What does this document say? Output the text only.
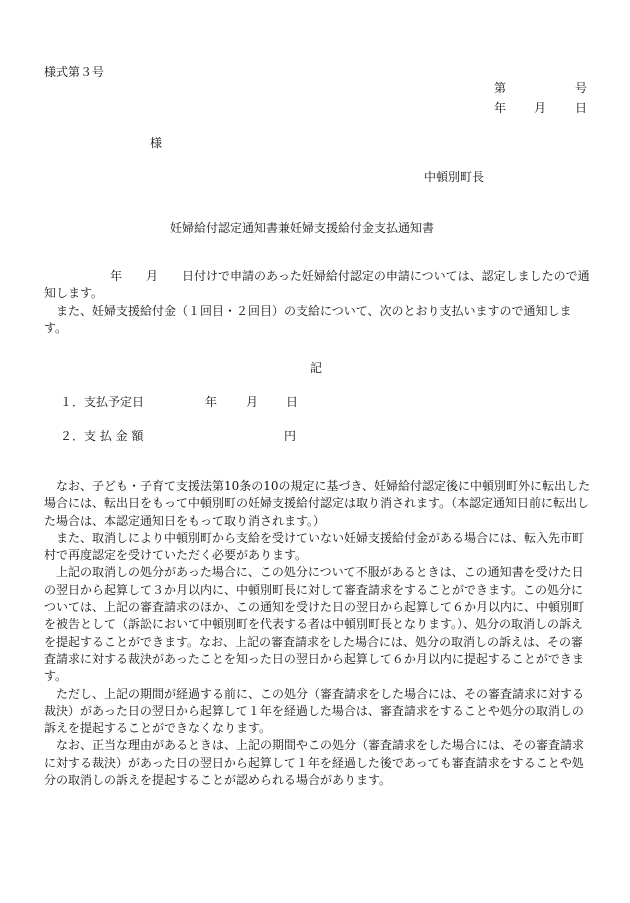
様式第３号
第	号
年 月 日
様
中頓別町長
妊婦給付認定通知書兼妊婦支援給付金支払通知書

年 月 日付けで申請のあった妊婦給付認定の申請については、認定しましたので通知します。

また、妊婦支援給付金（１回目・２回目）の支給について、次のとおり支払いますので通知します。

記
１．支払予定日	年 月 日
２．支 払 金 額	円

なお、子ども・子育て支援法第10条の10の規定に基づき、妊婦給付認定後に中頓別町外に転出した場合には、転出日をもって中頓別町の妊婦支援給付認定は取り消されます。（本認定通知日前に転出した場合は、本認定通知日をもって取り消されます。）

また、取消しにより中頓別町から支給を受けていない妊婦支援給付金がある場合には、転入先市町村で再度認定を受けていただく必要があります。

上記の取消しの処分があった場合に、この処分について不服があるときは、この通知書を受けた日の翌日から起算して３か月以内に、中頓別町長に対して審査請求をすることができます。この処分については、上記の審査請求のほか、この通知を受けた日の翌日から起算して６か月以内に、中頓別町を被告として（訴訟において中頓別町を代表する者は中頓別町長となります。）、処分の取消しの訴えを提起することができます。なお、上記の審査請求をした場合には、処分の取消しの訴えは、その審査請求に対する裁決があったことを知った日の翌日から起算して６か月以内に提起することができます。

ただし、上記の期間が経過する前に、この処分（審査請求をした場合には、その審査請求に対する裁決）があった日の翌日から起算して１年を経過した場合は、審査請求をすることや処分の取消しの訴えを提起することができなくなります。

なお、正当な理由があるときは、上記の期間やこの処分（審査請求をした場合には、その審査請求に対する裁決）があった日の翌日から起算して１年を経過した後であっても審査請求をすることや処分の取消しの訴えを提起することが認められる場合があります。
